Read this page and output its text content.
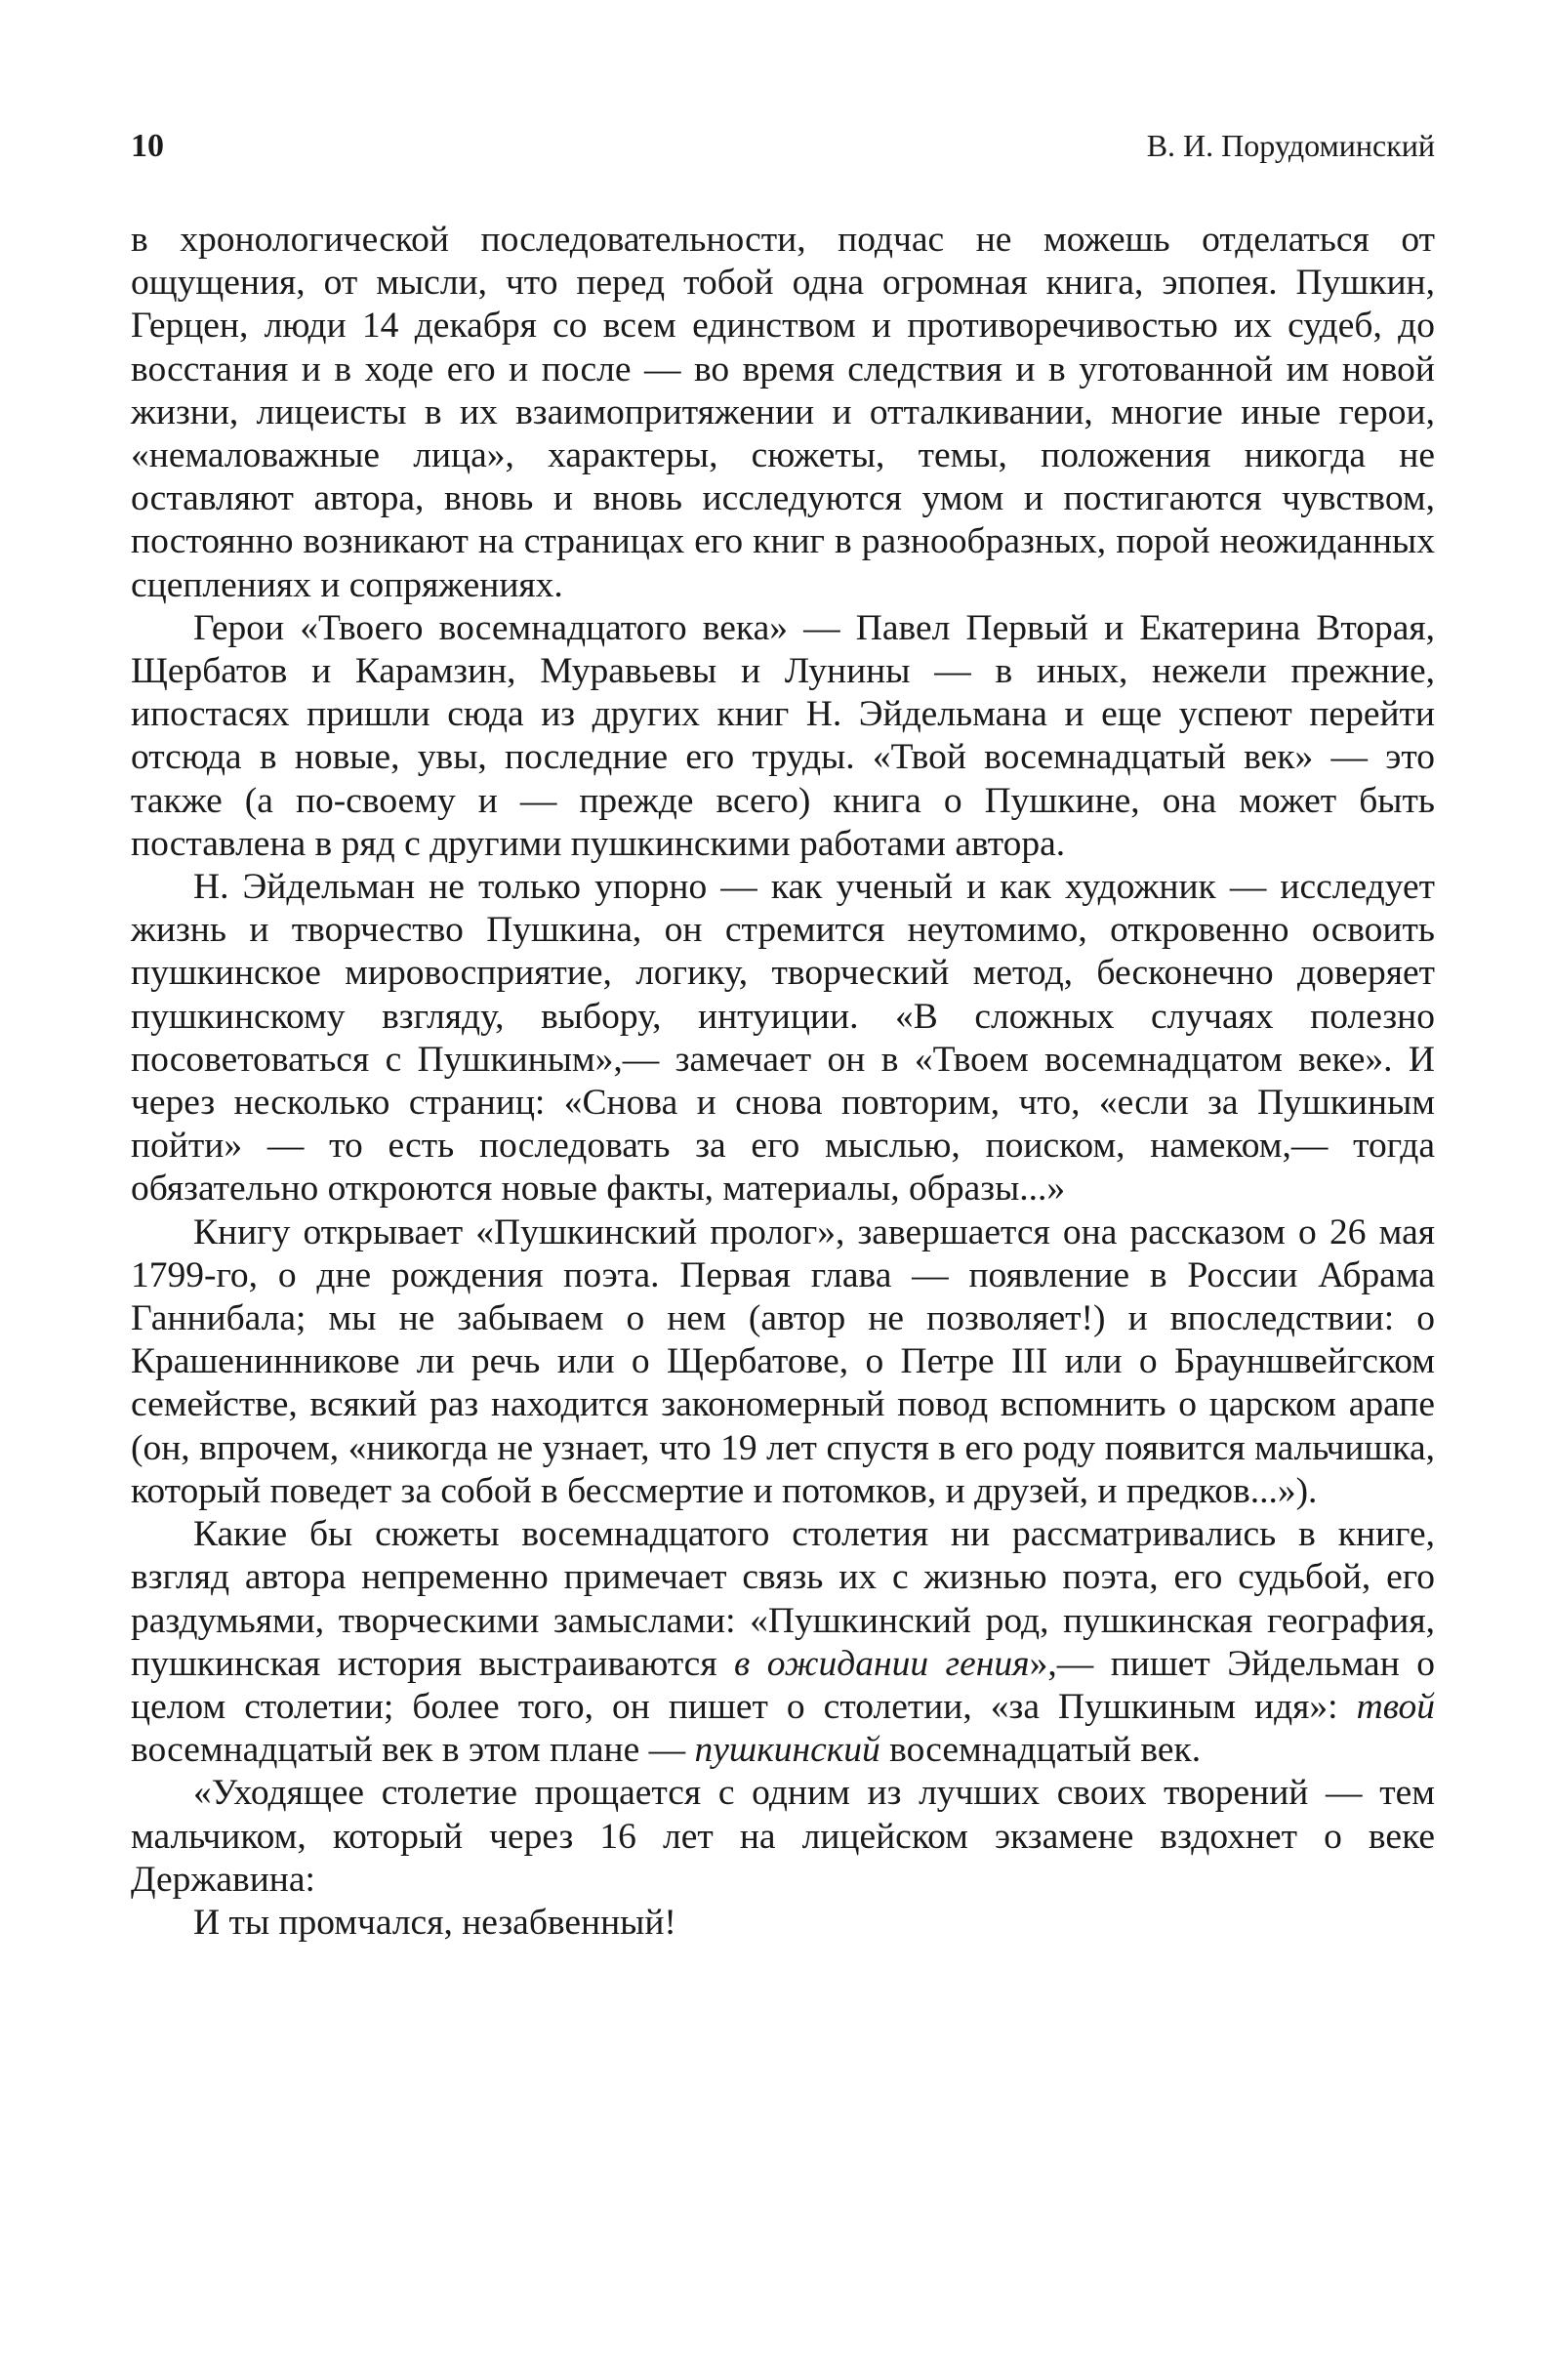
10	В. И. Порудоминский

в хронологической последовательности, подчас не можешь отделаться от ощущения, от мысли, что перед тобой одна огромная книга, эпопея. Пушкин, Герцен, люди 14 декабря со всем единством и противоречивостью их судеб, до восстания и в ходе его и после — во время следствия и в уготованной им новой жизни, лицеисты в их взаимопритяжении и отталкивании, многие иные герои, «немаловажные лица», характеры, сюжеты, темы, положения никогда не оставляют автора, вновь и вновь исследуются умом и постигаются чувством, постоянно возникают на страницах его книг в разнообразных, порой неожиданных сцеплениях и сопряжениях.

Герои «Твоего восемнадцатого века» — Павел Первый и Екатерина Вторая, Щербатов и Карамзин, Муравьевы и Лунины — в иных, нежели прежние, ипостасях пришли сюда из других книг Н. Эйдельмана и еще успеют перейти отсюда в новые, увы, последние его труды. «Твой восемнадцатый век» — это также (а по-своему и — прежде всего) книга о Пушкине, она может быть поставлена в ряд с другими пушкинскими работами автора.

Н. Эйдельман не только упорно — как ученый и как художник — исследует жизнь и творчество Пушкина, он стремится неутомимо, откровенно освоить пушкинское мировосприятие, логику, творческий метод, бесконечно доверяет пушкинскому взгляду, выбору, интуиции. «В сложных случаях полезно посоветоваться с Пушкиным»,— замечает он в «Твоем восемнадцатом веке». И через несколько страниц: «Снова и снова повторим, что, «если за Пушкиным пойти» — то есть последовать за его мыслью, поиском, намеком,— тогда обязательно откроются новые факты, материалы, образы...»

Книгу открывает «Пушкинский пролог», завершается она рассказом о 26 мая 1799-го, о дне рождения поэта. Первая глава — появление в России Абрама Ганнибала; мы не забываем о нем (автор не позволяет!) и впоследствии: о Крашенинникове ли речь или о Щербатове, о Петре III или о Брауншвейгском семействе, всякий раз находится закономерный повод вспомнить о царском арапе (он, впрочем, «никогда не узнает, что 19 лет спустя в его роду появится мальчишка, который поведет за собой в бессмертие и потомков, и друзей, и предков...»).

Какие бы сюжеты восемнадцатого столетия ни рассматривались в книге, взгляд автора непременно примечает связь их с жизнью поэта, его судьбой, его раздумьями, творческими замыслами: «Пушкинский род, пушкинская география, пушкинская история выстраиваются в ожидании гения»,— пишет Эйдельман о целом столетии; более того, он пишет о столетии, «за Пушкиным идя»: твой восемнадцатый век в этом плане — пушкинский восемнадцатый век.

«Уходящее столетие прощается с одним из лучших своих творений — тем мальчиком, который через 16 лет на лицейском экзамене вздохнет о веке Державина:

И ты промчался, незабвенный!
